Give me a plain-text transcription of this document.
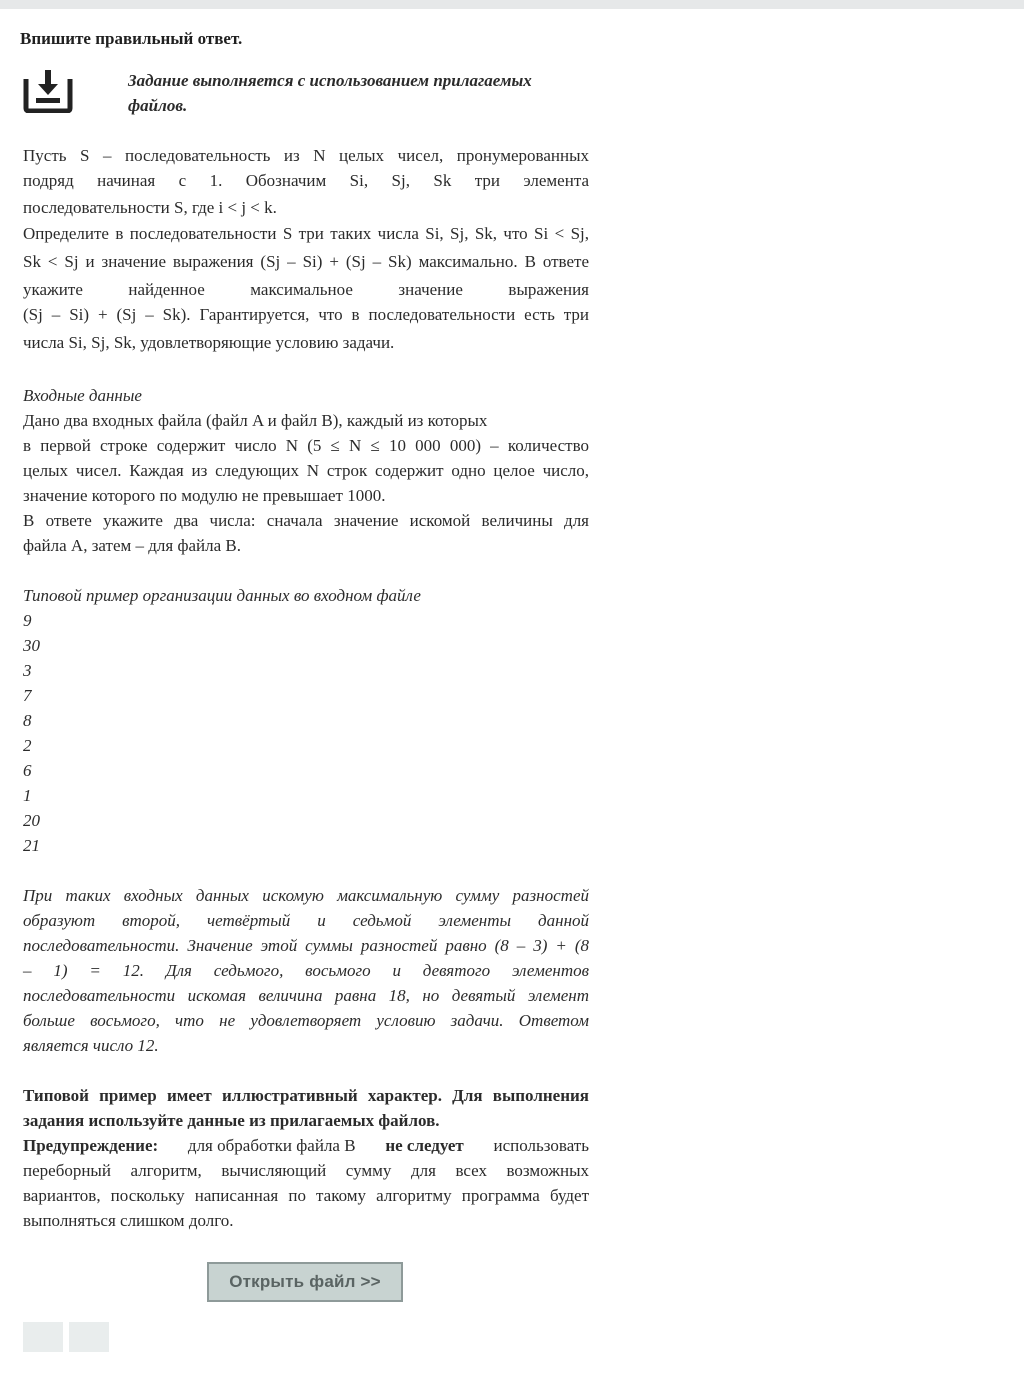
Впишите правильный ответ.
Задание выполняется с использованием прилагаемых файлов.
Пусть S – последовательность из N целых чисел, пронумерованных
подряд начиная с 1. Обозначим Si, Sj, Sk три элемента
последовательности S, где i < j < k.
Определите в последовательности S три таких числа Si, Sj, Sk, что Si < Sj,
Sk < Sj и значение выражения (Sj – Si) + (Sj – Sk) максимально. В ответе
укажите найденное максимальное значение выражения
(Sj – Si) + (Sj – Sk). Гарантируется, что в последовательности есть три
числа Si, Sj, Sk, удовлетворяющие условию задачи.
Входные данные
Дано два входных файла (файл A и файл B), каждый из которых
в первой строке содержит число N (5 ≤ N ≤ 10 000 000) – количество
целых чисел. Каждая из следующих N строк содержит одно целое число,
значение которого по модулю не превышает 1000.
В ответе укажите два числа: сначала значение искомой величины для
файла A, затем – для файла B.
Типовой пример организации данных во входном файле
9
30
3
7
8
2
6
1
20
21
При таких входных данных искомую максимальную сумму разностей
образуют второй, четвёртый и седьмой элементы данной
последовательности. Значение этой суммы разностей равно (8 – 3) + (8
– 1) = 12. Для седьмого, восьмого и девятого элементов
последовательности искомая величина равна 18, но девятый элемент
больше восьмого, что не удовлетворяет условию задачи. Ответом
является число 12.
Типовой пример имеет иллюстративный характер. Для выполнения
задания используйте данные из прилагаемых файлов.
Предупреждение: для обработки файла B не следует использовать
переборный алгоритм, вычисляющий сумму для всех возможных
вариантов, поскольку написанная по такому алгоритму программа будет
выполняться слишком долго.
Открыть файл >>
